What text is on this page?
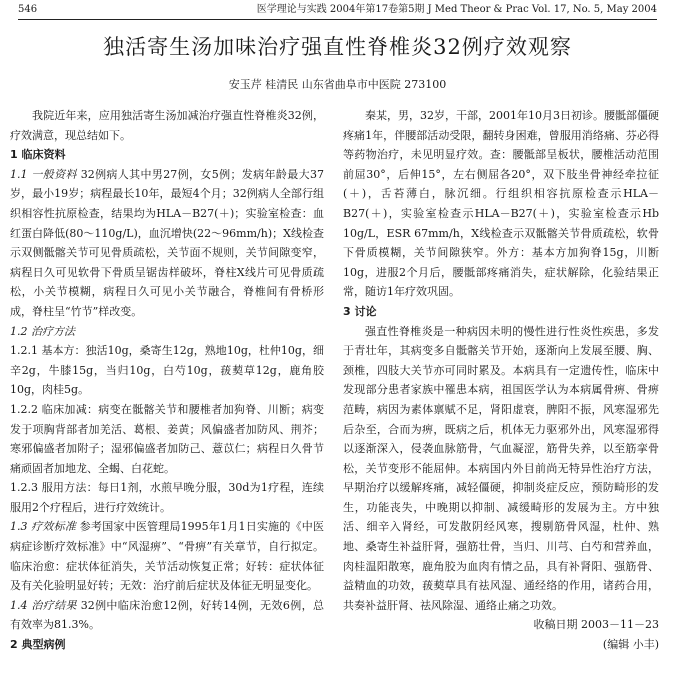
546	医学理论与实践 2004年第17卷第5期 J Med Theor & Prac Vol. 17, No. 5, May 2004
独活寄生汤加味治疗强直性脊椎炎32例疗效观察
安玉芹 桂清民 山东省曲阜市中医院 273100

我院近年来，应用独活寄生汤加减治疗强直性脊椎炎32例，疗效满意，现总结如下。

1 临床资料

1.1 一般资料 32例病人其中男27例，女5例；发病年龄最大37岁，最小19岁；病程最长10年，最短4个月；32例病人全部行组织相容性抗原检查，结果均为HLA－B27(＋)；实验室检查：血红蛋白降低(80～110g/L)，血沉增快(22～96mm/h)；X线检查示双侧骶髂关节可见骨质疏松，关节面不规则，关节间隙变窄，病程日久可见软骨下骨质呈锯齿样破坏，脊柱X线片可见骨质疏松，小关节模糊，病程日久可见小关节融合，脊椎间有骨桥形成，脊柱呈“竹节”样改变。

1.2 治疗方法

1.2.1 基本方：独活10g，桑寄生12g，熟地10g，杜仲10g，细辛2g，牛膝15g，当归10g，白芍10g，菝葜草12g，鹿角胶10g，肉桂5g。

1.2.2 临床加减：病变在骶髂关节和腰椎者加狗脊、川断；病变发于项胸背部者加羌活、葛根、姜黄；风偏盛者加防风、荆芥；寒邪偏盛者加附子；湿邪偏盛者加防己、薏苡仁；病程日久骨节痛顽固者加地龙、全蝎、白花蛇。

1.2.3 服用方法：每日1剂，水煎早晚分服，30d为1疗程，连续服用2个疗程后，进行疗效统计。

1.3 疗效标准 参考国家中医管理局1995年1月1日实施的《中医病症诊断疗效标准》中“风湿痹”、“骨痹”有关章节，自行拟定。临床治愈：症状体征消失，关节活动恢复正常；好转：症状体征及有关化验明显好转；无效：治疗前后症状及体征无明显变化。

1.4 治疗结果 32例中临床治愈12例，好转14例，无效6例，总有效率为81.3%。

2 典型病例

秦某，男，32岁，干部，2001年10月3日初诊。腰骶部僵硬疼痛1年，伴腰部活动受限，翻转身困难，曾服用消络痛、芬必得等药物治疗，未见明显疗效。查：腰骶部呈板状，腰椎活动范围前屈30°，后伸15°，左右侧屈各20°，双下肢坐骨神经牵拉征(＋)，舌苔薄白，脉沉细。行组织相容抗原检查示HLA－B27(＋)，实验室检查示HLA－B27(＋)，实验室检查示Hb 10g/L，ESR 67mm/h，X线检查示双骶髂关节骨质疏松，软骨下骨质模糊，关节间隙狭窄。外方：基本方加狗脊15g，川断10g，进服2个月后，腰骶部疼痛消失，症状解除，化验结果正常，随访1年疗效巩固。

3 讨论

强直性脊椎炎是一种病因未明的慢性进行性炎性疾患，多发于青壮年，其病变多自骶髂关节开始，逐渐向上发展至腰、胸、颈椎，四肢大关节亦可同时累及。本病具有一定遗传性，临床中发现部分患者家族中罹患本病，祖国医学认为本病属骨痹、骨痹范畴，病因为素体禀赋不足，肾阳虚衰，脾阳不振，风寒湿邪先后杂至，合而为痹，既病之后，机体无力驱邪外出，风寒湿邪得以逐渐深入，侵袭血脉筋骨，气血凝涩，筋骨失养，以至筋挛骨松，关节变形不能屈伸。本病国内外目前尚无特异性治疗方法，早期治疗以缓解疼痛，减轻僵硬，抑制炎症反应，预防畸形的发生，功能丧失，中晚期以抑制、减缓畸形的发展为主。方中独活、细辛入肾经，可发散阴经风寒，搜剔筋骨风湿，杜仲、熟地、桑寄生补益肝肾，强筋壮骨，当归、川芎、白芍和营养血，肉桂温阳散寒，鹿角胶为血肉有情之品，具有补肾阳、强筋骨、益精血的功效，菝葜草具有祛风湿、通经络的作用，诸药合用，共奏补益肝肾、祛风除湿、通络止痛之功效。

收稿日期 2003－11－23

(编辑 小丰)
